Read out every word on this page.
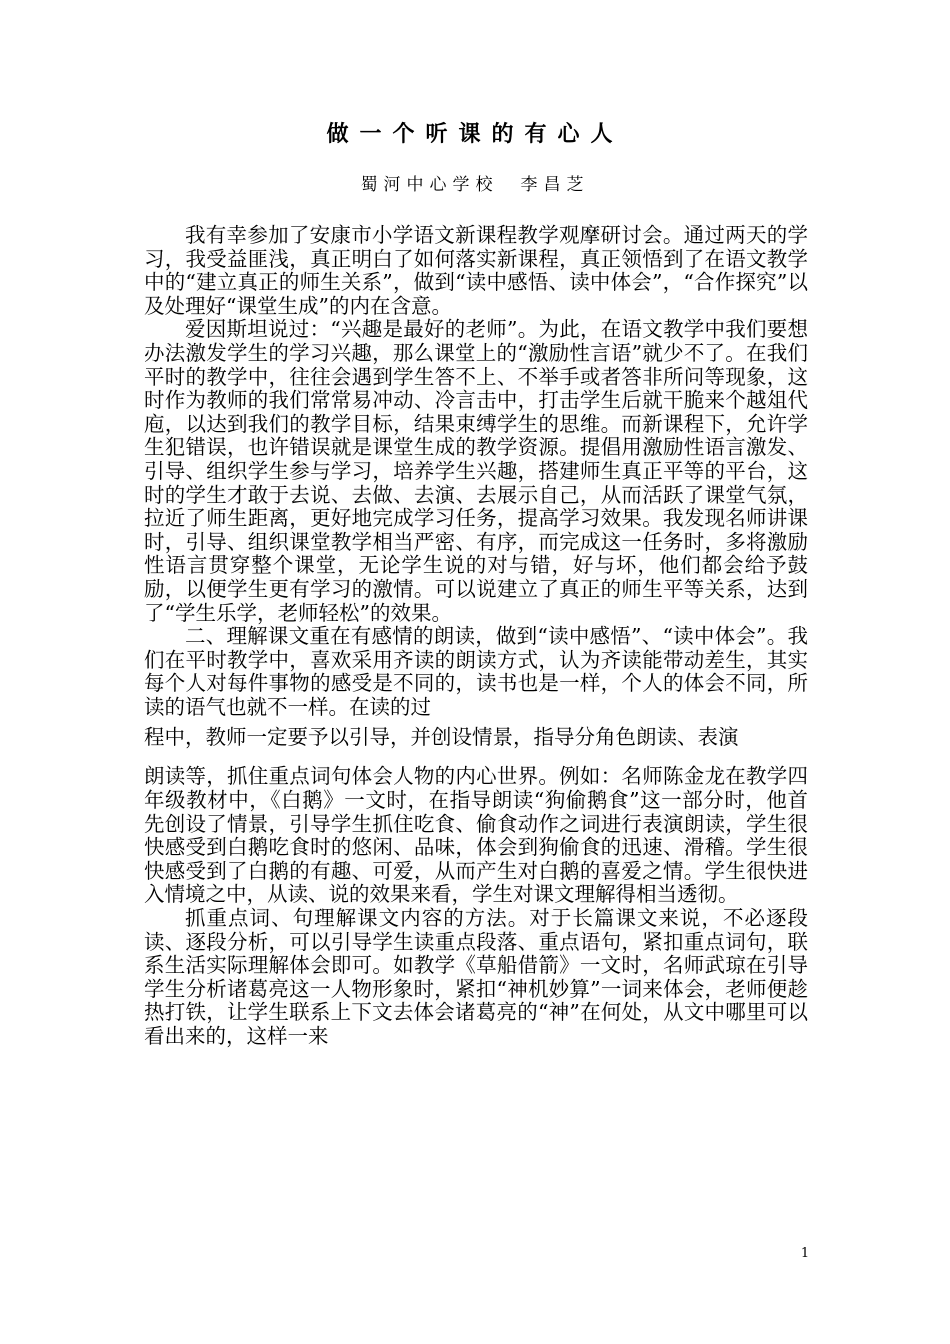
做一个听课的有心人
蜀河中心学校 李昌芝

我有幸参加了安康市小学语文新课程教学观摩研讨会。通过两天的学习，我受益匪浅，真正明白了如何落实新课程，真正领悟到了在语文教学中的“建立真正的师生关系”，做到“读中感悟、读中体会”，“合作探究”以及处理好“课堂生成”的内在含意。

爱因斯坦说过：“兴趣是最好的老师”。为此，在语文教学中我们要想办法激发学生的学习兴趣，那么课堂上的“激励性言语”就少不了。在我们平时的教学中，往往会遇到学生答不上、不举手或者答非所问等现象，这时作为教师的我们常常易冲动、冷言击中，打击学生后就干脆来个越俎代庖，以达到我们的教学目标，结果束缚学生的思维。而新课程下，允许学生犯错误，也许错误就是课堂生成的教学资源。提倡用激励性语言激发、引导、组织学生参与学习，培养学生兴趣，搭建师生真正平等的平台，这时的学生才敢于去说、去做、去演、去展示自己，从而活跃了课堂气氛，拉近了师生距离，更好地完成学习任务，提高学习效果。我发现名师讲课时，引导、组织课堂教学相当严密、有序，而完成这一任务时，多将激励性语言贯穿整个课堂，无论学生说的对与错，好与坏，他们都会给予鼓励，以便学生更有学习的激情。可以说建立了真正的师生平等关系，达到了“学生乐学，老师轻松”的效果。

二、理解课文重在有感情的朗读，做到“读中感悟”、“读中体会”。我们在平时教学中，喜欢采用齐读的朗读方式，认为齐读能带动差生，其实每个人对每件事物的感受是不同的，读书也是一样，个人的体会不同，所读的语气也就不一样。在读的过

程中，教师一定要予以引导，并创设情景，指导分角色朗读、表演

朗读等，抓住重点词句体会人物的内心世界。例如：名师陈金龙在教学四年级教材中，《白鹅》一文时，在指导朗读“狗偷鹅食”这一部分时，他首先创设了情景，引导学生抓住吃食、偷食动作之词进行表演朗读，学生很快感受到白鹅吃食时的悠闲、品味，体会到狗偷食的迅速、滑稽。学生很快感受到了白鹅的有趣、可爱，从而产生对白鹅的喜爱之情。学生很快进入情境之中，从读、说的效果来看，学生对课文理解得相当透彻。

抓重点词、句理解课文内容的方法。对于长篇课文来说，不必逐段读、逐段分析，可以引导学生读重点段落、重点语句，紧扣重点词句，联系生活实际理解体会即可。如教学《草船借箭》一文时，名师武琼在引导学生分析诸葛亮这一人物形象时，紧扣“神机妙算”一词来体会，老师便趁热打铁，让学生联系上下文去体会诸葛亮的“神”在何处，从文中哪里可以看出来的，这样一来

1
